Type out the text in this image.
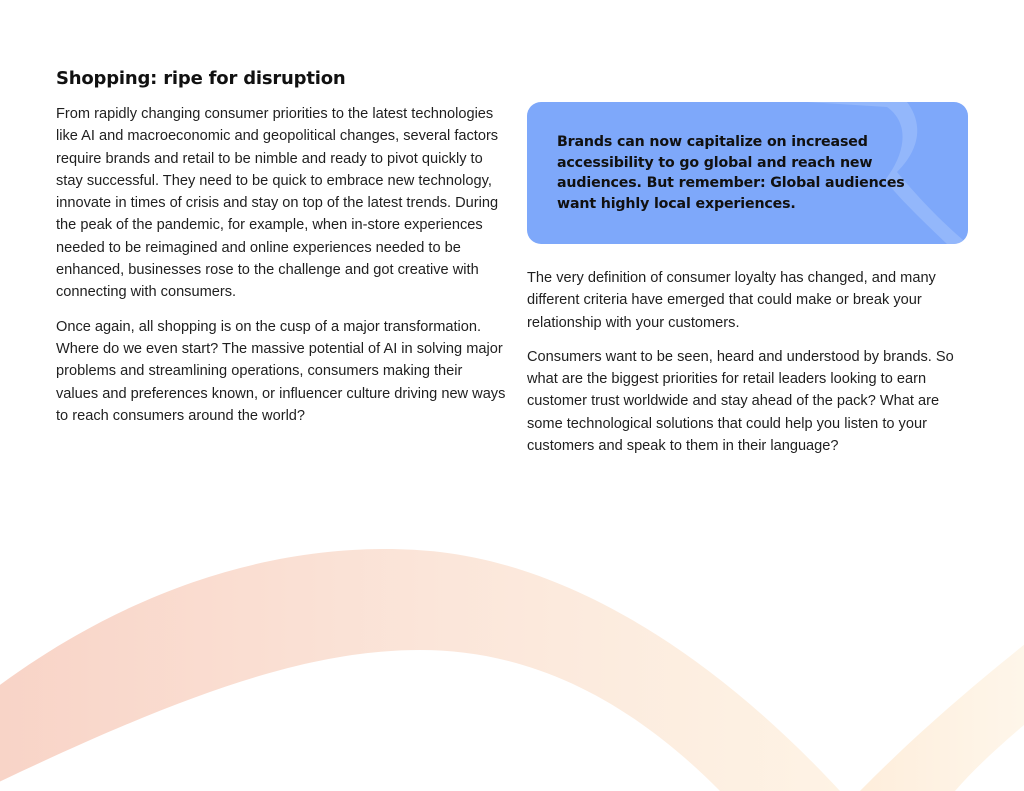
Shopping: ripe for disruption

From rapidly changing consumer priorities to the latest technologies like AI and macroeconomic and geopolitical changes, several factors require brands and retail to be nimble and ready to pivot quickly to stay successful. They need to be quick to embrace new technology, innovate in times of crisis and stay on top of the latest trends. During the peak of the pandemic, for example, when in-store experiences needed to be reimagined and online experiences needed to be enhanced, businesses rose to the challenge and got creative with connecting with consumers.

Once again, all shopping is on the cusp of a major transformation. Where do we even start? The massive potential of AI in solving major problems and streamlining operations, consumers making their values and preferences known, or influencer culture driving new ways to reach consumers around the world?

Brands can now capitalize on increased accessibility to go global and reach new audiences. But remember: Global audiences want highly local experiences.

The very definition of consumer loyalty has changed, and many different criteria have emerged that could make or break your relationship with your customers.

Consumers want to be seen, heard and understood by brands. So what are the biggest priorities for retail leaders looking to earn customer trust worldwide and stay ahead of the pack? What are some technological solutions that could help you listen to your customers and speak to them in their language?
